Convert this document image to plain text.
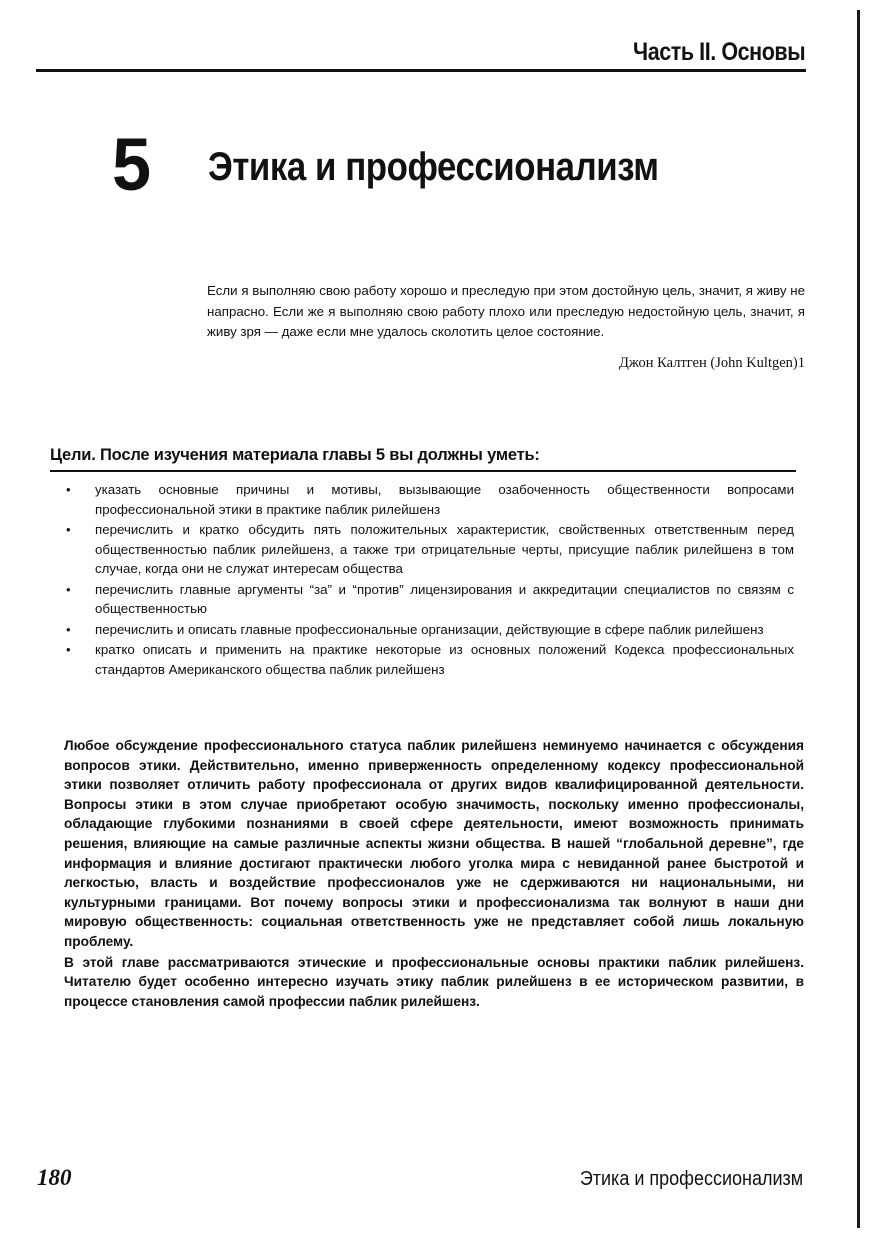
Часть II. Основы
5 Этика и профессионализм
Если я выполняю свою работу хорошо и преследую при этом достойную цель, значит, я живу не напрасно. Если же я выполняю свою работу плохо или преследую недостойную цель, значит, я живу зря — даже если мне удалось сколотить целое состояние.
Джон Калтген (John Kultgen)1
Цели. После изучения материала главы 5 вы должны уметь:
• указать основные причины и мотивы, вызывающие озабоченность общественности вопросами профессиональной этики в практике паблик рилейшенз
• перечислить и кратко обсудить пять положительных характеристик, свойственных ответственным перед общественностью паблик рилейшенз, а также три отрицательные черты, присущие паблик рилейшенз в том случае, когда они не служат интересам общества
• перечислить главные аргументы “за” и “против” лицензирования и аккредитации специалистов по связям с общественностью
• перечислить и описать главные профессиональные организации, действующие в сфере паблик рилейшенз
• кратко описать и применить на практике некоторые из основных положений Кодекса профессиональных стандартов Американского общества паблик рилейшенз

Любое обсуждение профессионального статуса паблик рилейшенз неминуемо начинается с обсуждения вопросов этики. Действительно, именно приверженность определенному кодексу профессиональной этики позволяет отличить работу профессионала от других видов квалифицированной деятельности. Вопросы этики в этом случае приобретают особую значимость, поскольку именно профессионалы, обладающие глубокими познаниями в своей сфере деятельности, имеют возможность принимать решения, влияющие на самые различные аспекты жизни общества. В нашей “глобальной деревне”, где информация и влияние достигают практически любого уголка мира с невиданной ранее быстротой и легкостью, власть и воздействие профессионалов уже не сдерживаются ни национальными, ни культурными границами. Вот почему вопросы этики и профессионализма так волнуют в наши дни мировую общественность: социальная ответственность уже не представляет собой лишь локальную проблему.

В этой главе рассматриваются этические и профессиональные основы практики паблик рилейшенз. Читателю будет особенно интересно изучать этику паблик рилейшенз в ее историческом развитии, в процессе становления самой профессии паблик рилейшенз.

180	Этика и профессионализм
